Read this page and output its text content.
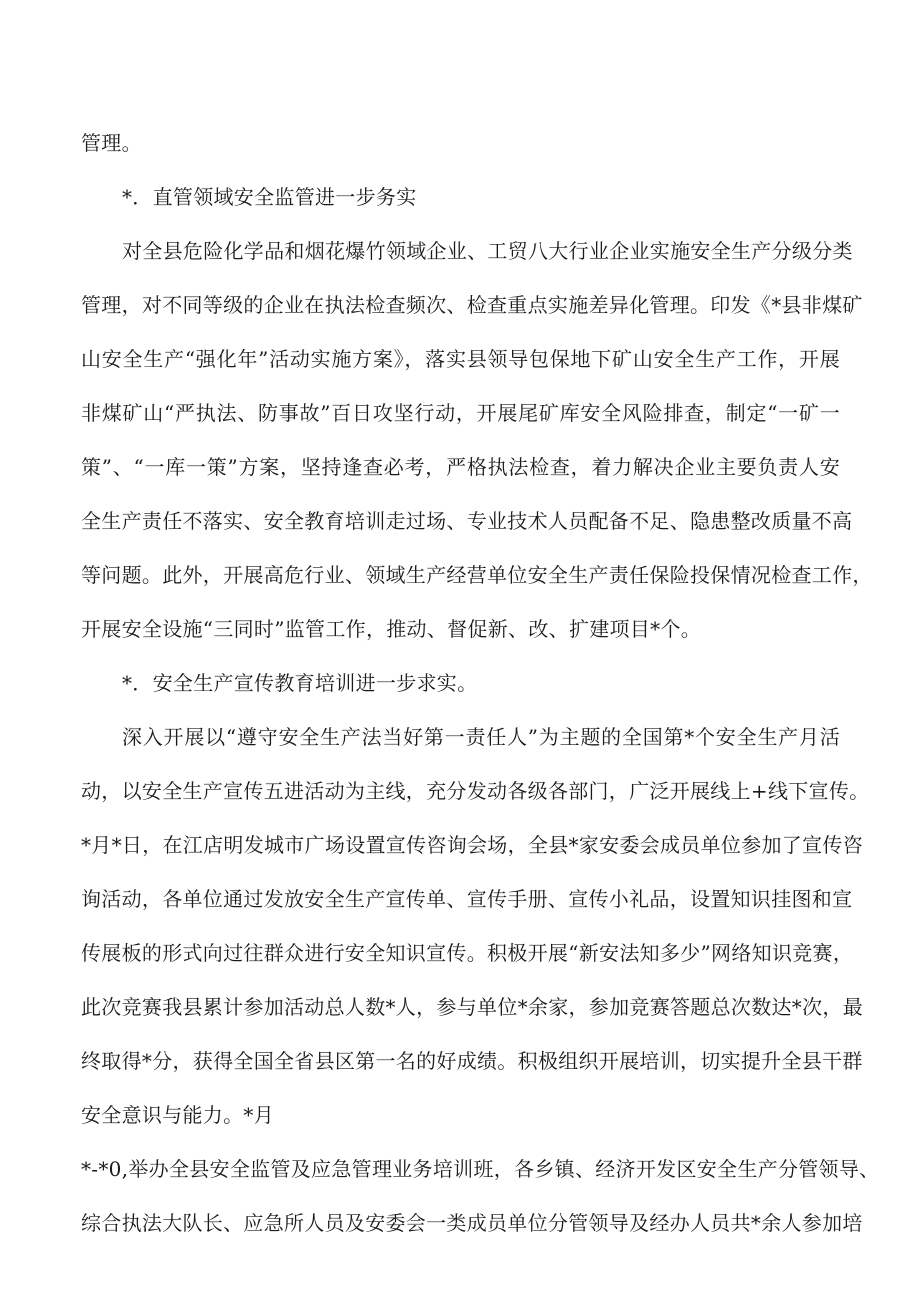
管理。
*．直管领域安全监管进一步务实
对全县危险化学品和烟花爆竹领域企业、工贸八大行业企业实施安全生产分级分类
管理，对不同等级的企业在执法检查频次、检查重点实施差异化管理。印发《*县非煤矿
山安全生产“强化年”活动实施方案》，落实县领导包保地下矿山安全生产工作，开展
非煤矿山“严执法、防事故”百日攻坚行动，开展尾矿库安全风险排查，制定“一矿一
策”、“一库一策”方案，坚持逢查必考，严格执法检查，着力解决企业主要负责人安
全生产责任不落实、安全教育培训走过场、专业技术人员配备不足、隐患整改质量不高
等问题。此外，开展高危行业、领域生产经营单位安全生产责任保险投保情况检查工作，
开展安全设施“三同时”监管工作，推动、督促新、改、扩建项目*个。
*．安全生产宣传教育培训进一步求实。
深入开展以“遵守安全生产法当好第一责任人”为主题的全国第*个安全生产月活
动，以安全生产宣传五进活动为主线，充分发动各级各部门，广泛开展线上+线下宣传。
*月*日，在江店明发城市广场设置宣传咨询会场，全县*家安委会成员单位参加了宣传咨
询活动，各单位通过发放安全生产宣传单、宣传手册、宣传小礼品，设置知识挂图和宣
传展板的形式向过往群众进行安全知识宣传。积极开展“新安法知多少”网络知识竞赛，
此次竞赛我县累计参加活动总人数*人，参与单位*余家，参加竞赛答题总次数达*次，最
终取得*分，获得全国全省县区第一名的好成绩。积极组织开展培训，切实提升全县干群
安全意识与能力。*月
*-*0,举办全县安全监管及应急管理业务培训班，各乡镇、经济开发区安全生产分管领导、
综合执法大队长、应急所人员及安委会一类成员单位分管领导及经办人员共*余人参加培
